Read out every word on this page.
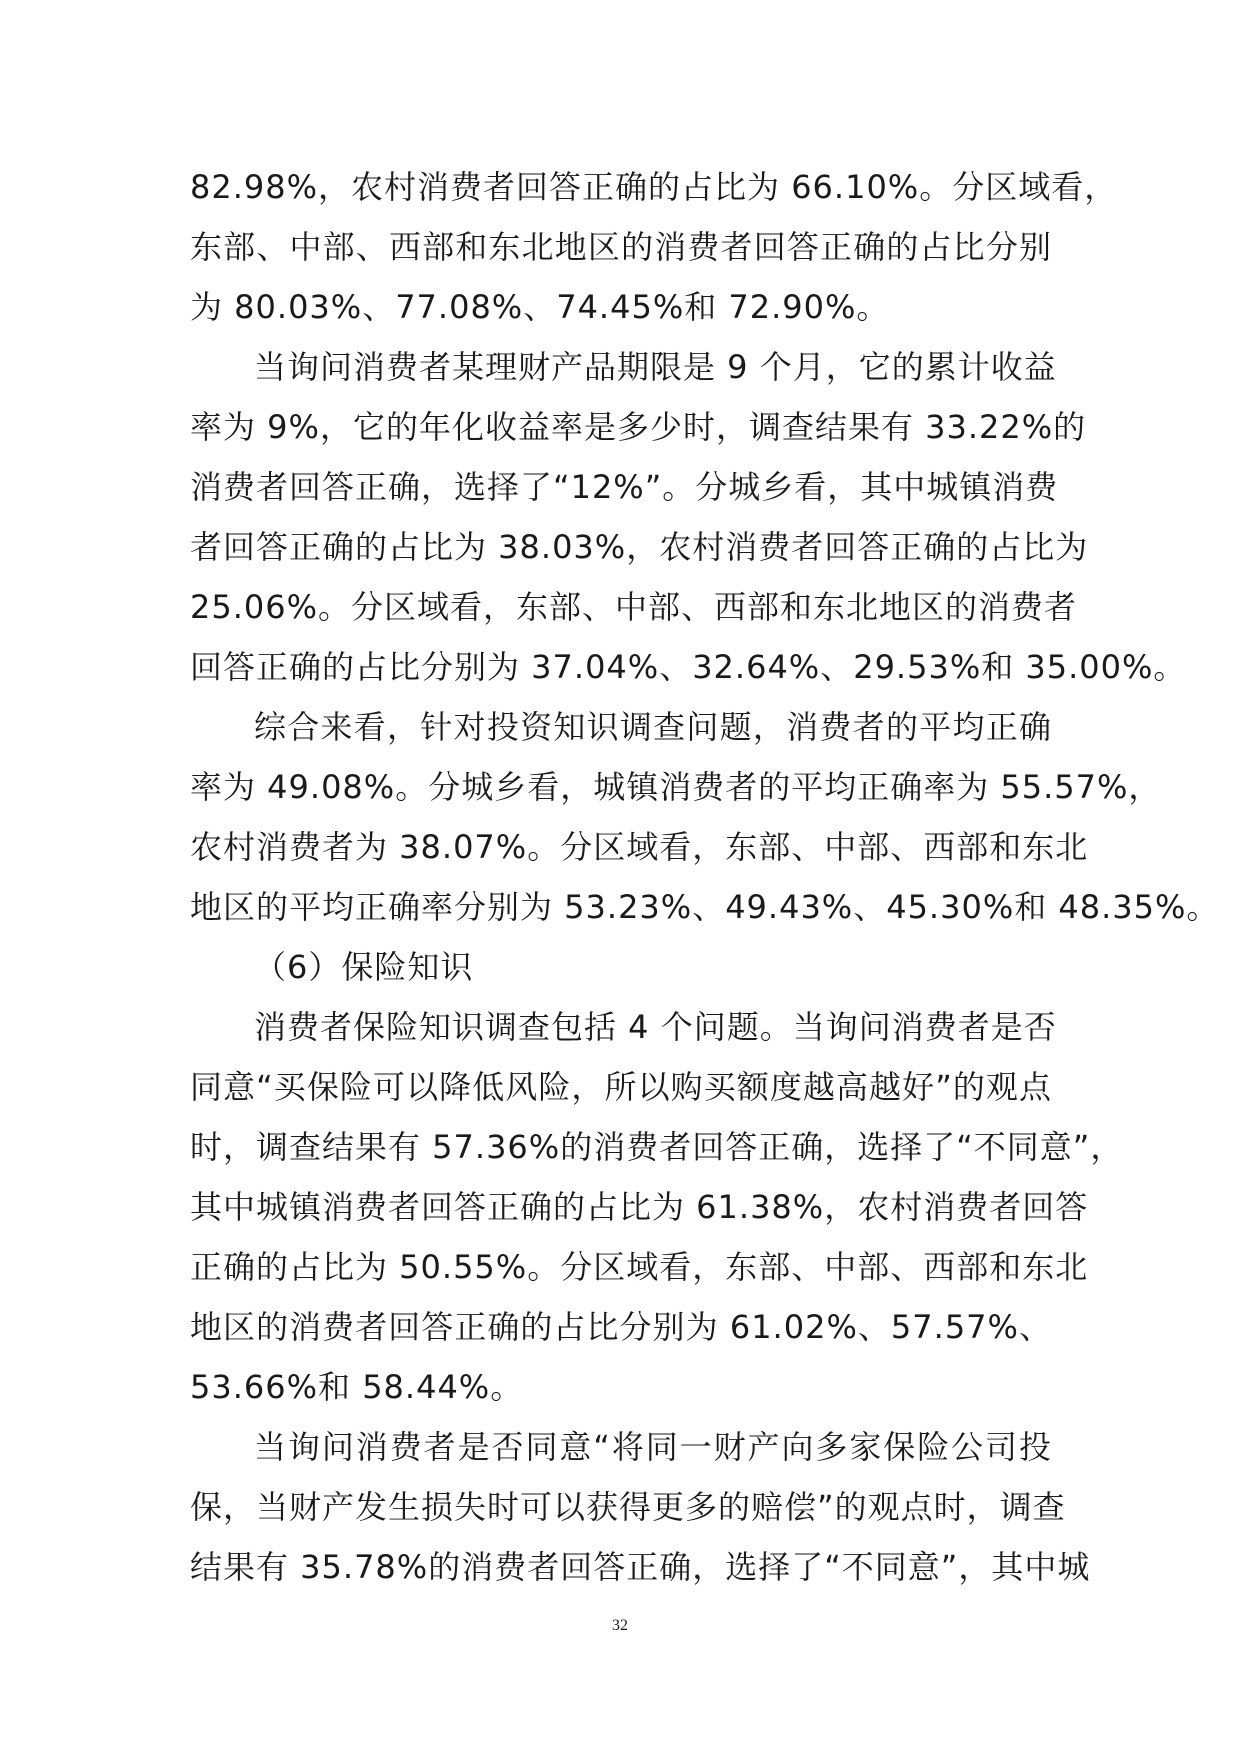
82.98%，农村消费者回答正确的占比为 66.10%。分区域看，
东部、中部、西部和东北地区的消费者回答正确的占比分别
为 80.03%、77.08%、74.45%和 72.90%。
当询问消费者某理财产品期限是 9 个月，它的累计收益
率为 9%，它的年化收益率是多少时，调查结果有 33.22%的
消费者回答正确，选择了“12%”。分城乡看，其中城镇消费
者回答正确的占比为 38.03%，农村消费者回答正确的占比为
25.06%。分区域看，东部、中部、西部和东北地区的消费者
回答正确的占比分别为 37.04%、32.64%、29.53%和 35.00%。
综合来看，针对投资知识调查问题，消费者的平均正确
率为 49.08%。分城乡看，城镇消费者的平均正确率为 55.57%，
农村消费者为 38.07%。分区域看，东部、中部、西部和东北
地区的平均正确率分别为 53.23%、49.43%、45.30%和 48.35%。
（6）保险知识
消费者保险知识调查包括 4 个问题。当询问消费者是否
同意“买保险可以降低风险，所以购买额度越高越好”的观点
时，调查结果有 57.36%的消费者回答正确，选择了“不同意”，
其中城镇消费者回答正确的占比为 61.38%，农村消费者回答
正确的占比为 50.55%。分区域看，东部、中部、西部和东北
地区的消费者回答正确的占比分别为 61.02%、57.57%、
53.66%和 58.44%。
当询问消费者是否同意“将同一财产向多家保险公司投
保，当财产发生损失时可以获得更多的赔偿”的观点时，调查
结果有 35.78%的消费者回答正确，选择了“不同意”，其中城
32
